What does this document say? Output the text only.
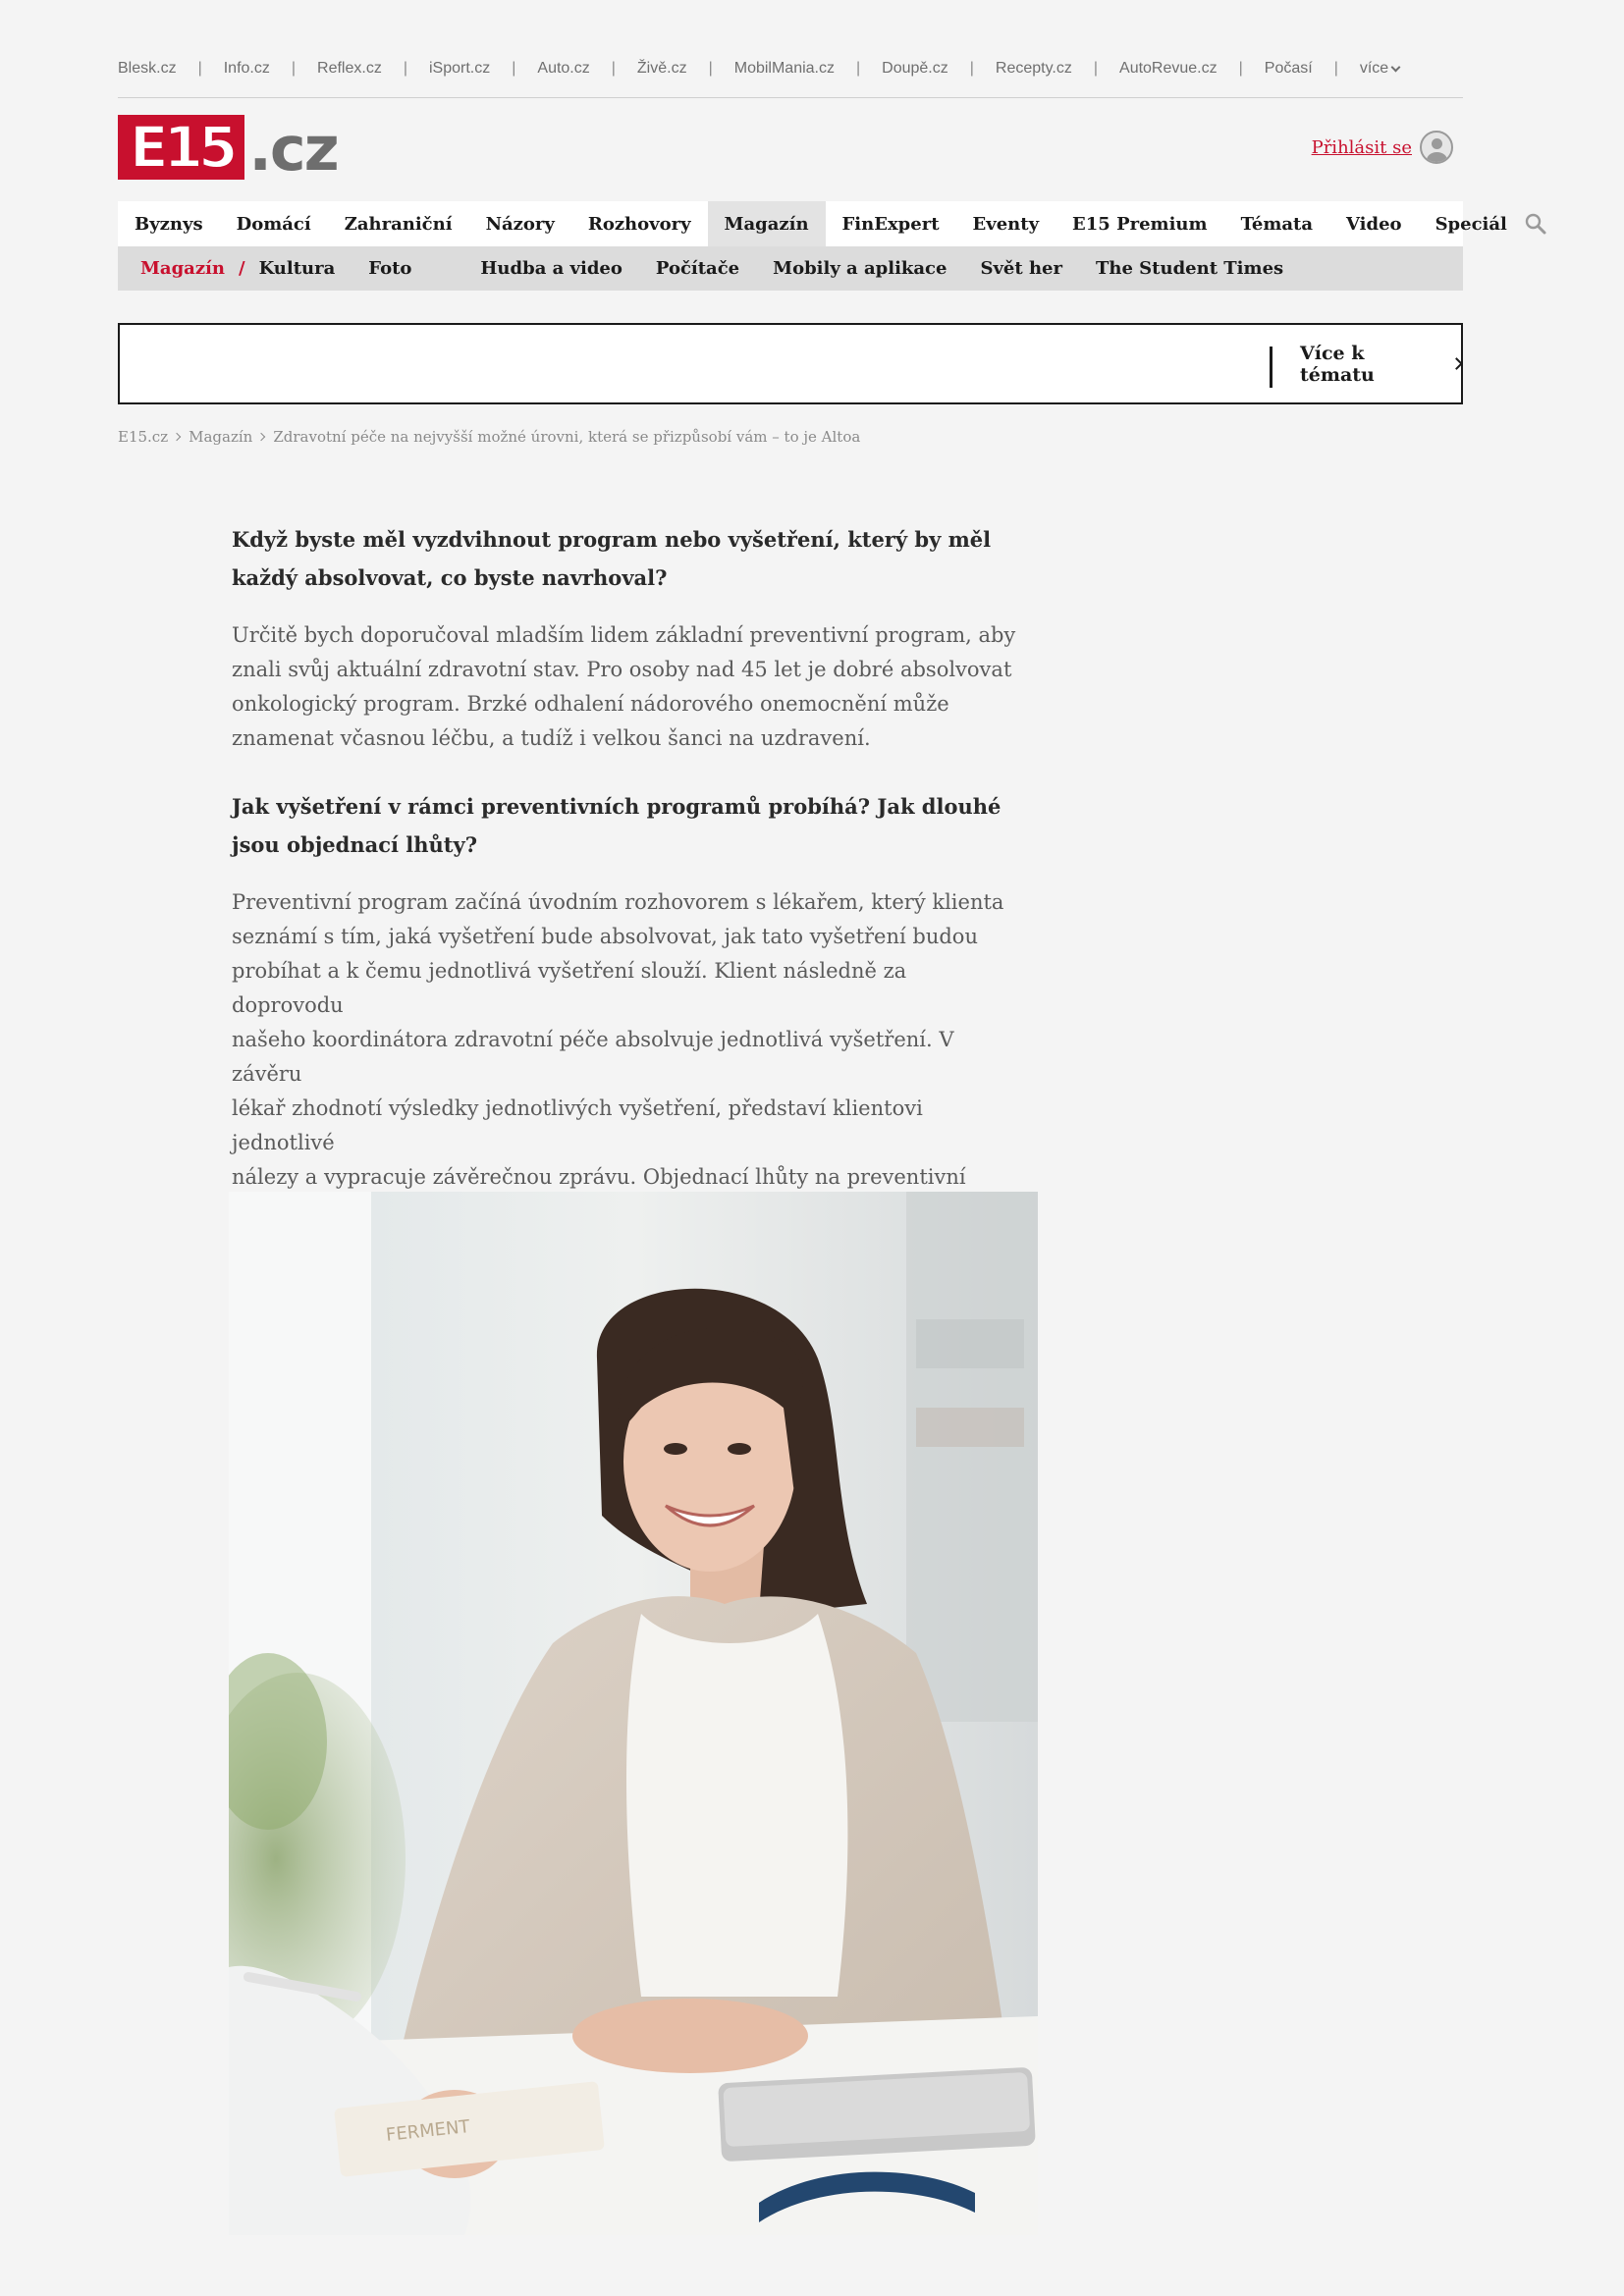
Blesk.cz | Info.cz | Reflex.cz | iSport.cz | Auto.cz | Živě.cz | MobilMania.cz | Doupě.cz | Recepty.cz | AutoRevue.cz | Počasí | více
E15 .cz	Přihlásit se
Byznys	Domácí	Zahraniční	Názory	Rozhovory	Magazín	FinExpert	Eventy	E15 Premium	Témata	Video	Speciál
Magazín / Kultura Foto	Hudba a video Počítače Mobily a aplikace Svět her The Student Times
Více k tématu
E15.cz Magazín Zdravotní péče na nejvyšší možné úrovni, která se přizpůsobí vám – to je Altoa
Když byste měl vyzdvihnout program nebo vyšetření, který by měl
každý absolvovat, co byste navrhoval?
Určitě bych doporučoval mladším lidem základní preventivní program, aby
znali svůj aktuální zdravotní stav. Pro osoby nad 45 let je dobré absolvovat
onkologický program. Brzké odhalení nádorového onemocnění může
znamenat včasnou léčbu, a tudíž i velkou šanci na uzdravení.
Jak vyšetření v rámci preventivních programů probíhá? Jak dlouhé
jsou objednací lhůty?
Preventivní program začíná úvodním rozhovorem s lékařem, který klienta
seznámí s tím, jaká vyšetření bude absolvovat, jak tato vyšetření budou
probíhat a k čemu jednotlivá vyšetření slouží. Klient následně za doprovodu
našeho koordinátora zdravotní péče absolvuje jednotlivá vyšetření. V závěru
lékař zhodnotí výsledky jednotlivých vyšetření, představí klientovi jednotlivé
nálezy a vypracuje závěrečnou zprávu. Objednací lhůty na preventivní
FERMENT
